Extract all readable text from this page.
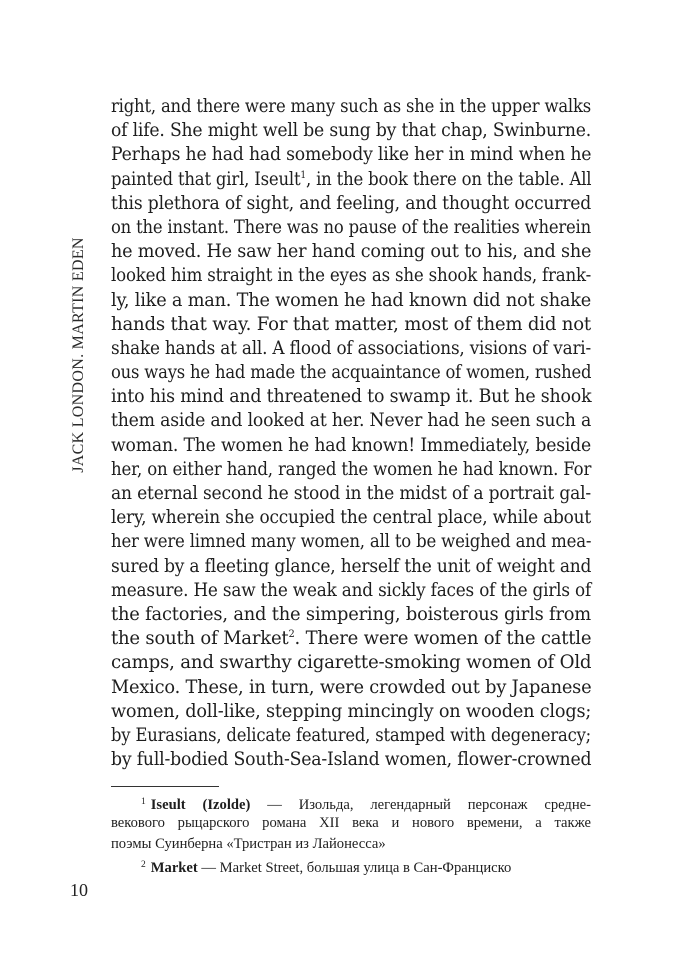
JACK LONDON. MARTIN EDEN
right, and there were many such as she in the upper walks
of life. She might well be sung by that chap, Swinburne.
Perhaps he had had somebody like her in mind when he
painted that girl, Iseult$^1$, in the book there on the table. All
this plethora of sight, and feeling, and thought occurred
on the instant. There was no pause of the realities wherein
he moved. He saw her hand coming out to his, and she
looked him straight in the eyes as she shook hands, frank-
ly, like a man. The women he had known did not shake
hands that way. For that matter, most of them did not
shake hands at all. A flood of associations, visions of vari-
ous ways he had made the acquaintance of women, rushed
into his mind and threatened to swamp it. But he shook
them aside and looked at her. Never had he seen such a
woman. The women he had known! Immediately, beside
her, on either hand, ranged the women he had known. For
an eternal second he stood in the midst of a portrait gal-
lery, wherein she occupied the central place, while about
her were limned many women, all to be weighed and mea-
sured by a fleeting glance, herself the unit of weight and
measure. He saw the weak and sickly faces of the girls of
the factories, and the simpering, boisterous girls from
the south of Market$^2$. There were women of the cattle
camps, and swarthy cigarette-smoking women of Old
Mexico. These, in turn, were crowded out by Japanese
women, doll-like, stepping mincingly on wooden clogs;
by Eurasians, delicate featured, stamped with degeneracy;
by full-bodied South-Sea-Island women, flower-crowned
$^1$ Iseult (Izolde) — Изольда, легендарный персонаж средне-
векового рыцарского романа XII века и нового времени, а также
поэмы Суинберна «Тристран из Лайонесса»
$^2$ Market — Market Street, большая улица в Сан-Франциско
10
